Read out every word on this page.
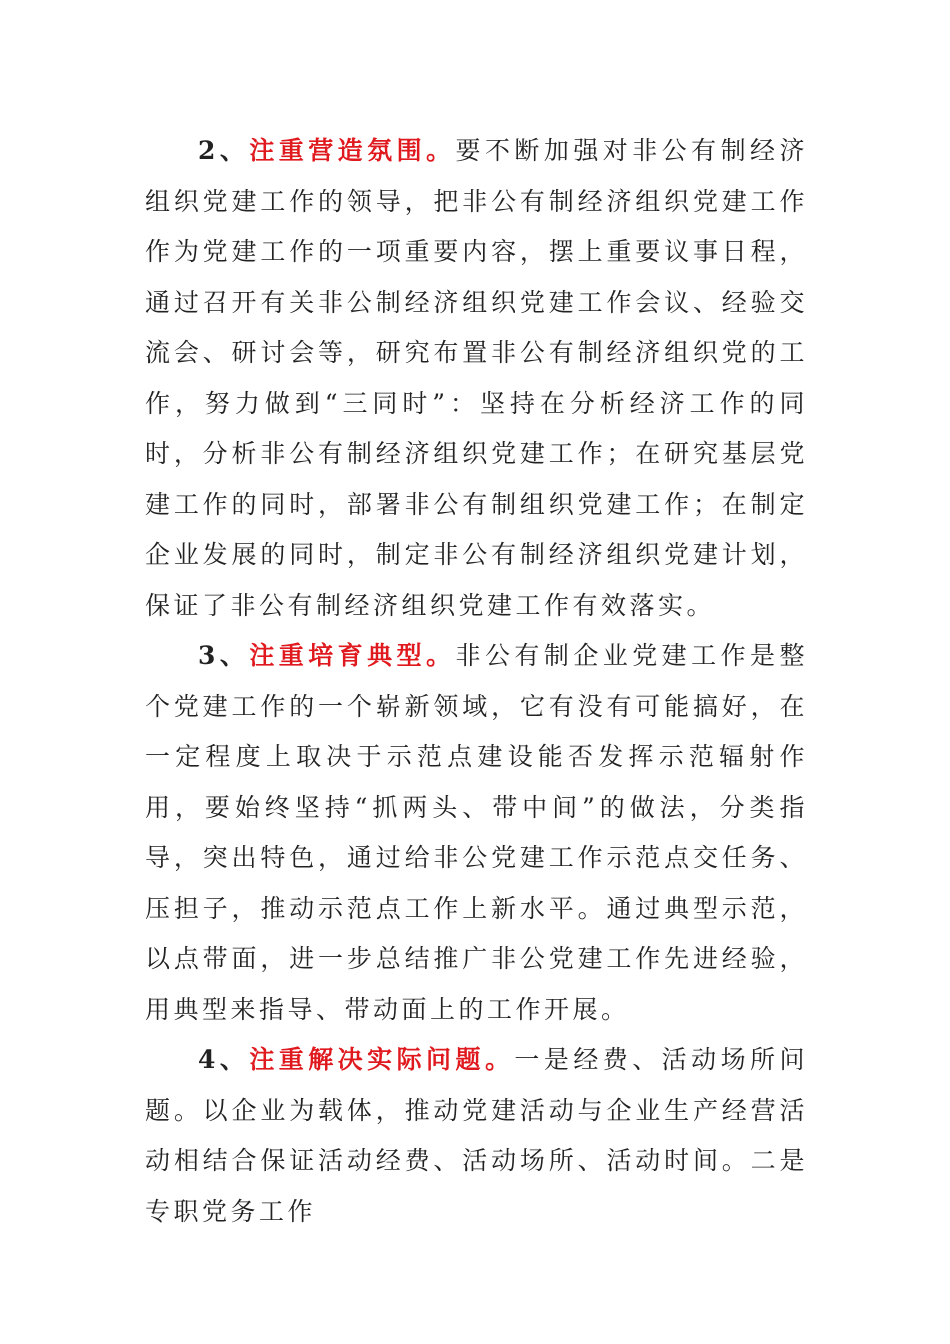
2、注重营造氛围。要不断加强对非公有制经济组织党建工作的领导，把非公有制经济组织党建工作作为党建工作的一项重要内容，摆上重要议事日程，通过召开有关非公制经济组织党建工作会议、经验交流会、研讨会等，研究布置非公有制经济组织党的工作，努力做到“三同时”：坚持在分析经济工作的同时，分析非公有制经济组织党建工作；在研究基层党建工作的同时，部署非公有制组织党建工作；在制定企业发展的同时，制定非公有制经济组织党建计划，保证了非公有制经济组织党建工作有效落实。

3、注重培育典型。非公有制企业党建工作是整个党建工作的一个崭新领域，它有没有可能搞好，在一定程度上取决于示范点建设能否发挥示范辐射作用，要始终坚持“抓两头、带中间”的做法，分类指导，突出特色，通过给非公党建工作示范点交任务、压担子，推动示范点工作上新水平。通过典型示范，以点带面，进一步总结推广非公党建工作先进经验，用典型来指导、带动面上的工作开展。

4、注重解决实际问题。一是经费、活动场所问题。以企业为载体，推动党建活动与企业生产经营活动相结合保证活动经费、活动场所、活动时间。二是专职党务工作
